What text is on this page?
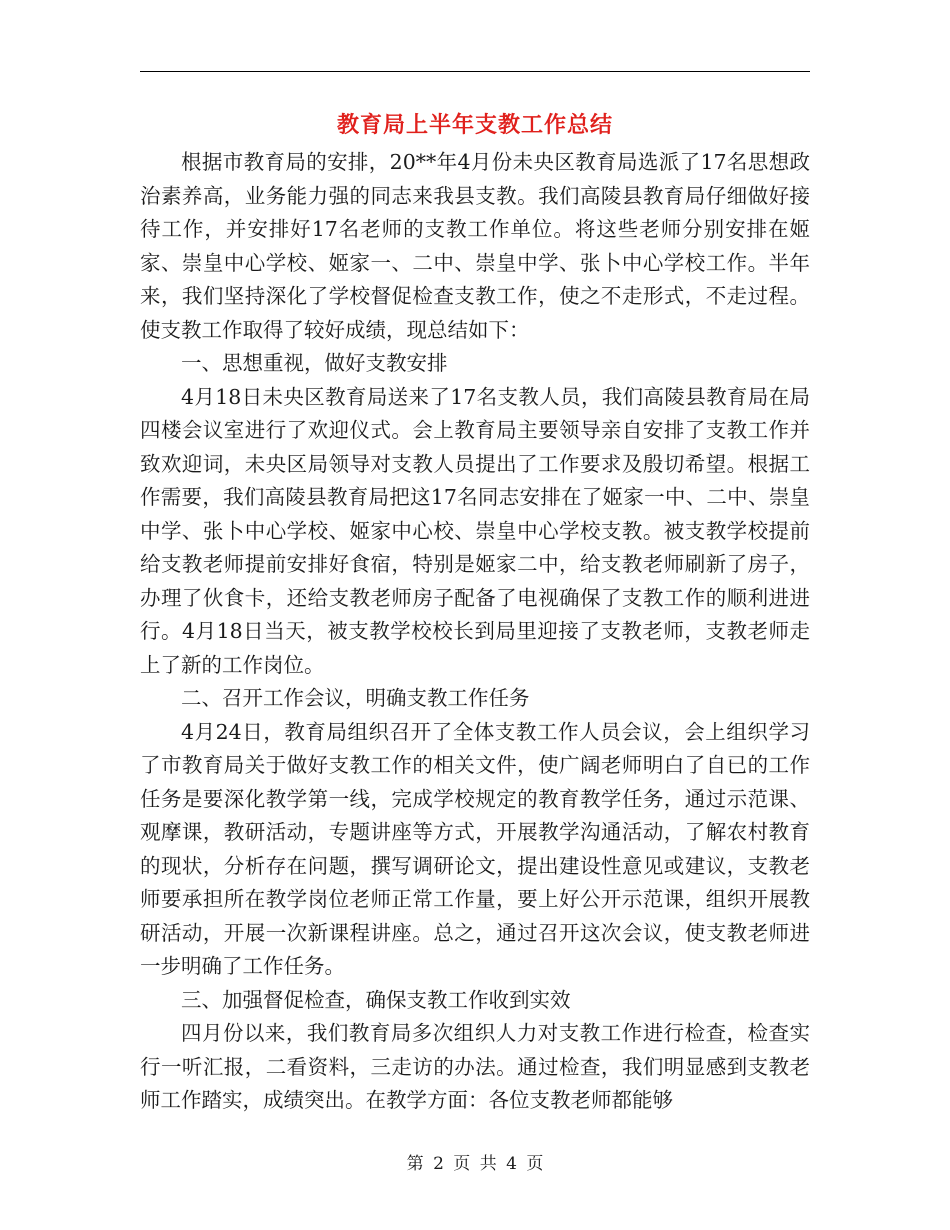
教育局上半年支教工作总结

根据市教育局的安排，20**年4月份未央区教育局选派了17名思想政治素养高，业务能力强的同志来我县支教。我们高陵县教育局仔细做好接待工作，并安排好17名老师的支教工作单位。将这些老师分别安排在姬家、崇皇中心学校、姬家一、二中、崇皇中学、张卜中心学校工作。半年来，我们坚持深化了学校督促检查支教工作，使之不走形式，不走过程。使支教工作取得了较好成绩，现总结如下：

一、思想重视，做好支教安排

4月18日未央区教育局送来了17名支教人员，我们高陵县教育局在局四楼会议室进行了欢迎仪式。会上教育局主要领导亲自安排了支教工作并致欢迎词，未央区局领导对支教人员提出了工作要求及殷切希望。根据工作需要，我们高陵县教育局把这17名同志安排在了姬家一中、二中、崇皇中学、张卜中心学校、姬家中心校、崇皇中心学校支教。被支教学校提前给支教老师提前安排好食宿，特别是姬家二中，给支教老师刷新了房子，办理了伙食卡，还给支教老师房子配备了电视确保了支教工作的顺利进进行。4月18日当天，被支教学校校长到局里迎接了支教老师，支教老师走上了新的工作岗位。

二、召开工作会议，明确支教工作任务

4月24日，教育局组织召开了全体支教工作人员会议，会上组织学习了市教育局关于做好支教工作的相关文件，使广阔老师明白了自已的工作任务是要深化教学第一线，完成学校规定的教育教学任务，通过示范课、观摩课，教研活动，专题讲座等方式，开展教学沟通活动，了解农村教育的现状，分析存在问题，撰写调研论文，提出建设性意见或建议，支教老师要承担所在教学岗位老师正常工作量，要上好公开示范课，组织开展教研活动，开展一次新课程讲座。总之，通过召开这次会议，使支教老师进一步明确了工作任务。

三、加强督促检查，确保支教工作收到实效

四月份以来，我们教育局多次组织人力对支教工作进行检查，检查实行一听汇报，二看资料，三走访的办法。通过检查，我们明显感到支教老师工作踏实，成绩突出。在教学方面：各位支教老师都能够

第 2 页 共 4 页
